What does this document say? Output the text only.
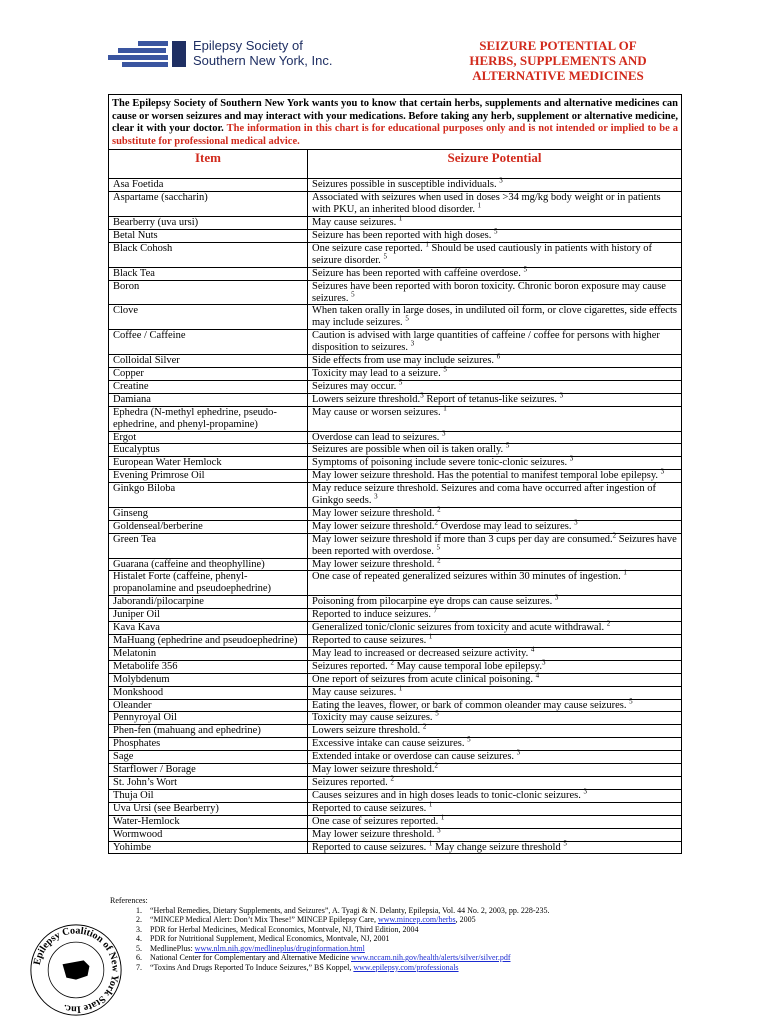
Epilepsy Society of
Southern New York, Inc.
SEIZURE POTENTIAL OF
HERBS, SUPPLEMENTS AND
ALTERNATIVE MEDICINES
The Epilepsy Society of Southern New York wants you to know that certain herbs, supplements and alternative medicines can cause or worsen seizures and may interact with your medications. Before taking any herb, supplement or alternative medicine, clear it with your doctor. The information in this chart is for educational purposes only and is not intended or implied to be a substitute for professional medical advice.
Item	Seizure Potential
Asa Foetida	Seizures possible in susceptible individuals. $^3$
Aspartame (saccharin)	Associated with seizures when used in doses >34 mg/kg body weight or in patients with PKU, an inherited blood disorder. $^1$
Bearberry (uva ursi)	May cause seizures. $^1$
Betal Nuts	Seizure has been reported with high doses. $^5$
Black Cohosh	One seizure case reported. $^1$ Should be used cautiously in patients with history of seizure disorder. $^5$
Black Tea	Seizure has been reported with caffeine overdose. $^5$
Boron	Seizures have been reported with boron toxicity. Chronic boron exposure may cause seizures. $^5$
Clove	When taken orally in large doses, in undiluted oil form, or clove cigarettes, side effects may include seizures. $^5$
Coffee / Caffeine	Caution is advised with large quantities of caffeine / coffee for persons with higher disposition to seizures. $^3$
Colloidal Silver	Side effects from use may include seizures. $^6$
Copper	Toxicity may lead to a seizure. $^5$
Creatine	Seizures may occur. $^5$
Damiana	Lowers seizure threshold.$^3$ Report of tetanus-like seizures. $^3$
Ephedra (N-methyl ephedrine, pseudo-ephedrine, and phenyl-propamine)	May cause or worsen seizures. $^1$
Ergot	Overdose can lead to seizures. $^3$
Eucalyptus	Seizures are possible when oil is taken orally. $^5$
European Water Hemlock	Symptoms of poisoning include severe tonic-clonic seizures. $^3$
Evening Primrose Oil	May lower seizure threshold. Has the potential to manifest temporal lobe epilepsy. $^3$
Ginkgo Biloba	May reduce seizure threshold. Seizures and coma have occurred after ingestion of Ginkgo seeds. $^3$
Ginseng	May lower seizure threshold. $^2$
Goldenseal/berberine	May lower seizure threshold.$^2$ Overdose may lead to seizures. $^3$
Green Tea	May lower seizure threshold if more than 3 cups per day are consumed.$^2$ Seizures have been reported with overdose. $^5$
Guarana (caffeine and theophylline)	May lower seizure threshold. $^2$
Histalet Forte (caffeine, phenyl-propanolamine and pseudoephedrine)	One case of repeated generalized seizures within 30 minutes of ingestion. $^1$
Jaborandi/pilocarpine	Poisoning from pilocarpine eye drops can cause seizures. $^3$
Juniper Oil	Reported to induce seizures. $^7$
Kava Kava	Generalized tonic/clonic seizures from toxicity and acute withdrawal. $^2$
MaHuang (ephedrine and pseudoephedrine)	Reported to cause seizures. $^1$
Melatonin	May lead to increased or decreased seizure activity. $^4$
Metabolife 356	Seizures reported. $^2$ May cause temporal lobe epilepsy.$^3$
Molybdenum	One report of seizures from acute clinical poisoning. $^4$
Monkshood	May cause seizures. $^1$
Oleander	Eating the leaves, flower, or bark of common oleander may cause seizures. $^5$
Pennyroyal Oil	Toxicity may cause seizures. $^5$
Phen-fen (mahuang and ephedrine)	Lowers seizure threshold. $^2$
Phosphates	Excessive intake can cause seizures. $^5$
Sage	Extended intake or overdose can cause seizures. $^3$
Starflower / Borage	May lower seizure threshold.$^2$
St. John’s Wort	Seizures reported. $^2$
Thuja Oil	Causes seizures and in high doses leads to tonic-clonic seizures. $^3$
Uva Ursi (see Bearberry)	Reported to cause seizures. $^1$
Water-Hemlock	One case of seizures reported. $^1$
Wormwood	May lower seizure threshold. $^3$
Yohimbe	Reported to cause seizures. $^1$ May change seizure threshold $^5$
References:
1. “Herbal Remedies, Dietary Supplements, and Seizures”, A. Tyagi & N. Delanty, Epilepsia, Vol. 44 No. 2, 2003, pp. 228-235.
2. “MINCEP Medical Alert: Don’t Mix These!” MINCEP Epilepsy Care, www.mincep.com/herbs, 2005
3. PDR for Herbal Medicines, Medical Economics, Montvale, NJ, Third Edition, 2004
4. PDR for Nutritional Supplement, Medical Economics, Montvale, NJ, 2001
5. MedlinePlus: www.nlm.nih.gov/medlineplus/druginformation.html
6. National Center for Complementary and Alternative Medicine www.nccam.nih.gov/health/alerts/silver/silver.pdf
7. “Toxins And Drugs Reported To Induce Seizures,” BS Koppel, www.epilepsy.com/professionals
Epilepsy Coalition of New York State Inc.
